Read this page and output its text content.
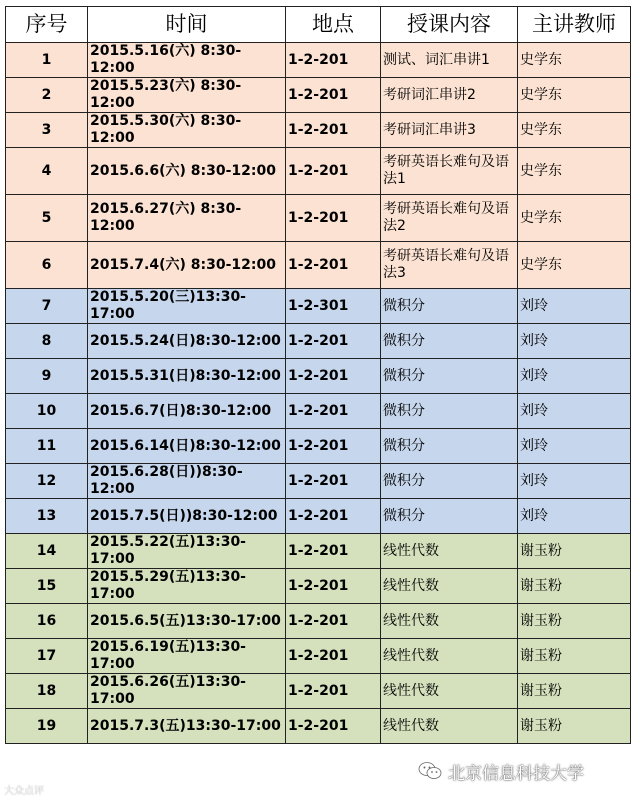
序号	时间	地点	授课内容	主讲教师
1	2015.5.16(六) 8:30-12:00	1-2-201	测试、词汇串讲1	史学东
2	2015.5.23(六) 8:30-12:00	1-2-201	考研词汇串讲2	史学东
3	2015.5.30(六) 8:30-12:00	1-2-201	考研词汇串讲3	史学东
4	2015.6.6(六) 8:30-12:00	1-2-201	考研英语长难句及语法1	史学东
5	2015.6.27(六) 8:30-12:00	1-2-201	考研英语长难句及语法2	史学东
6	2015.7.4(六) 8:30-12:00	1-2-201	考研英语长难句及语法3	史学东
7	2015.5.20(三)13:30-17:00	1-2-301	微积分	刘玲
8	2015.5.24(日)8:30-12:00	1-2-201	微积分	刘玲
9	2015.5.31(日)8:30-12:00	1-2-201	微积分	刘玲
10	2015.6.7(日)8:30-12:00	1-2-201	微积分	刘玲
11	2015.6.14(日)8:30-12:00	1-2-201	微积分	刘玲
12	2015.6.28(日))8:30-12:00	1-2-201	微积分	刘玲
13	2015.7.5(日))8:30-12:00	1-2-201	微积分	刘玲
14	2015.5.22(五)13:30-17:00	1-2-201	线性代数	谢玉粉
15	2015.5.29(五)13:30-17:00	1-2-201	线性代数	谢玉粉
16	2015.6.5(五)13:30-17:00	1-2-201	线性代数	谢玉粉
17	2015.6.19(五)13:30-17:00	1-2-201	线性代数	谢玉粉
18	2015.6.26(五)13:30-17:00	1-2-201	线性代数	谢玉粉
19	2015.7.3(五)13:30-17:00	1-2-201	线性代数	谢玉粉
大众点评
北京信息科技大学
